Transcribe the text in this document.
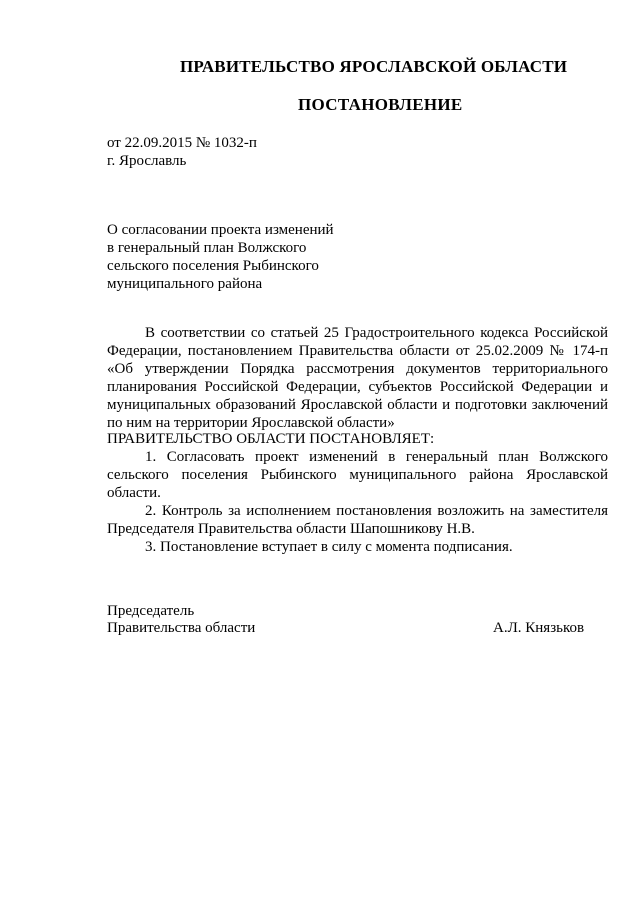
ПРАВИТЕЛЬСТВО ЯРОСЛАВСКОЙ ОБЛАСТИ
ПОСТАНОВЛЕНИЕ
от 22.09.2015 № 1032-п
г. Ярославль
О согласовании проекта изменений
в генеральный план Волжского
сельского поселения Рыбинского
муниципального района
В соответствии со статьей 25 Градостроительного кодекса Российской
Федерации, постановлением Правительства области от 25.02.2009 № 174-п
«Об утверждении Порядка рассмотрения документов территориального
планирования Российской Федерации, субъектов Российской Федерации и
муниципальных образований Ярославской области и подготовки заключений
по ним на территории Ярославской области»
ПРАВИТЕЛЬСТВО ОБЛАСТИ ПОСТАНОВЛЯЕТ:
1. Согласовать проект изменений в генеральный план Волжского
сельского поселения Рыбинского муниципального района Ярославской
области.
2. Контроль за исполнением постановления возложить на заместителя
Председателя Правительства области Шапошникову Н.В.
3. Постановление вступает в силу с момента подписания.
Председатель
Правительства области	А.Л. Князьков
